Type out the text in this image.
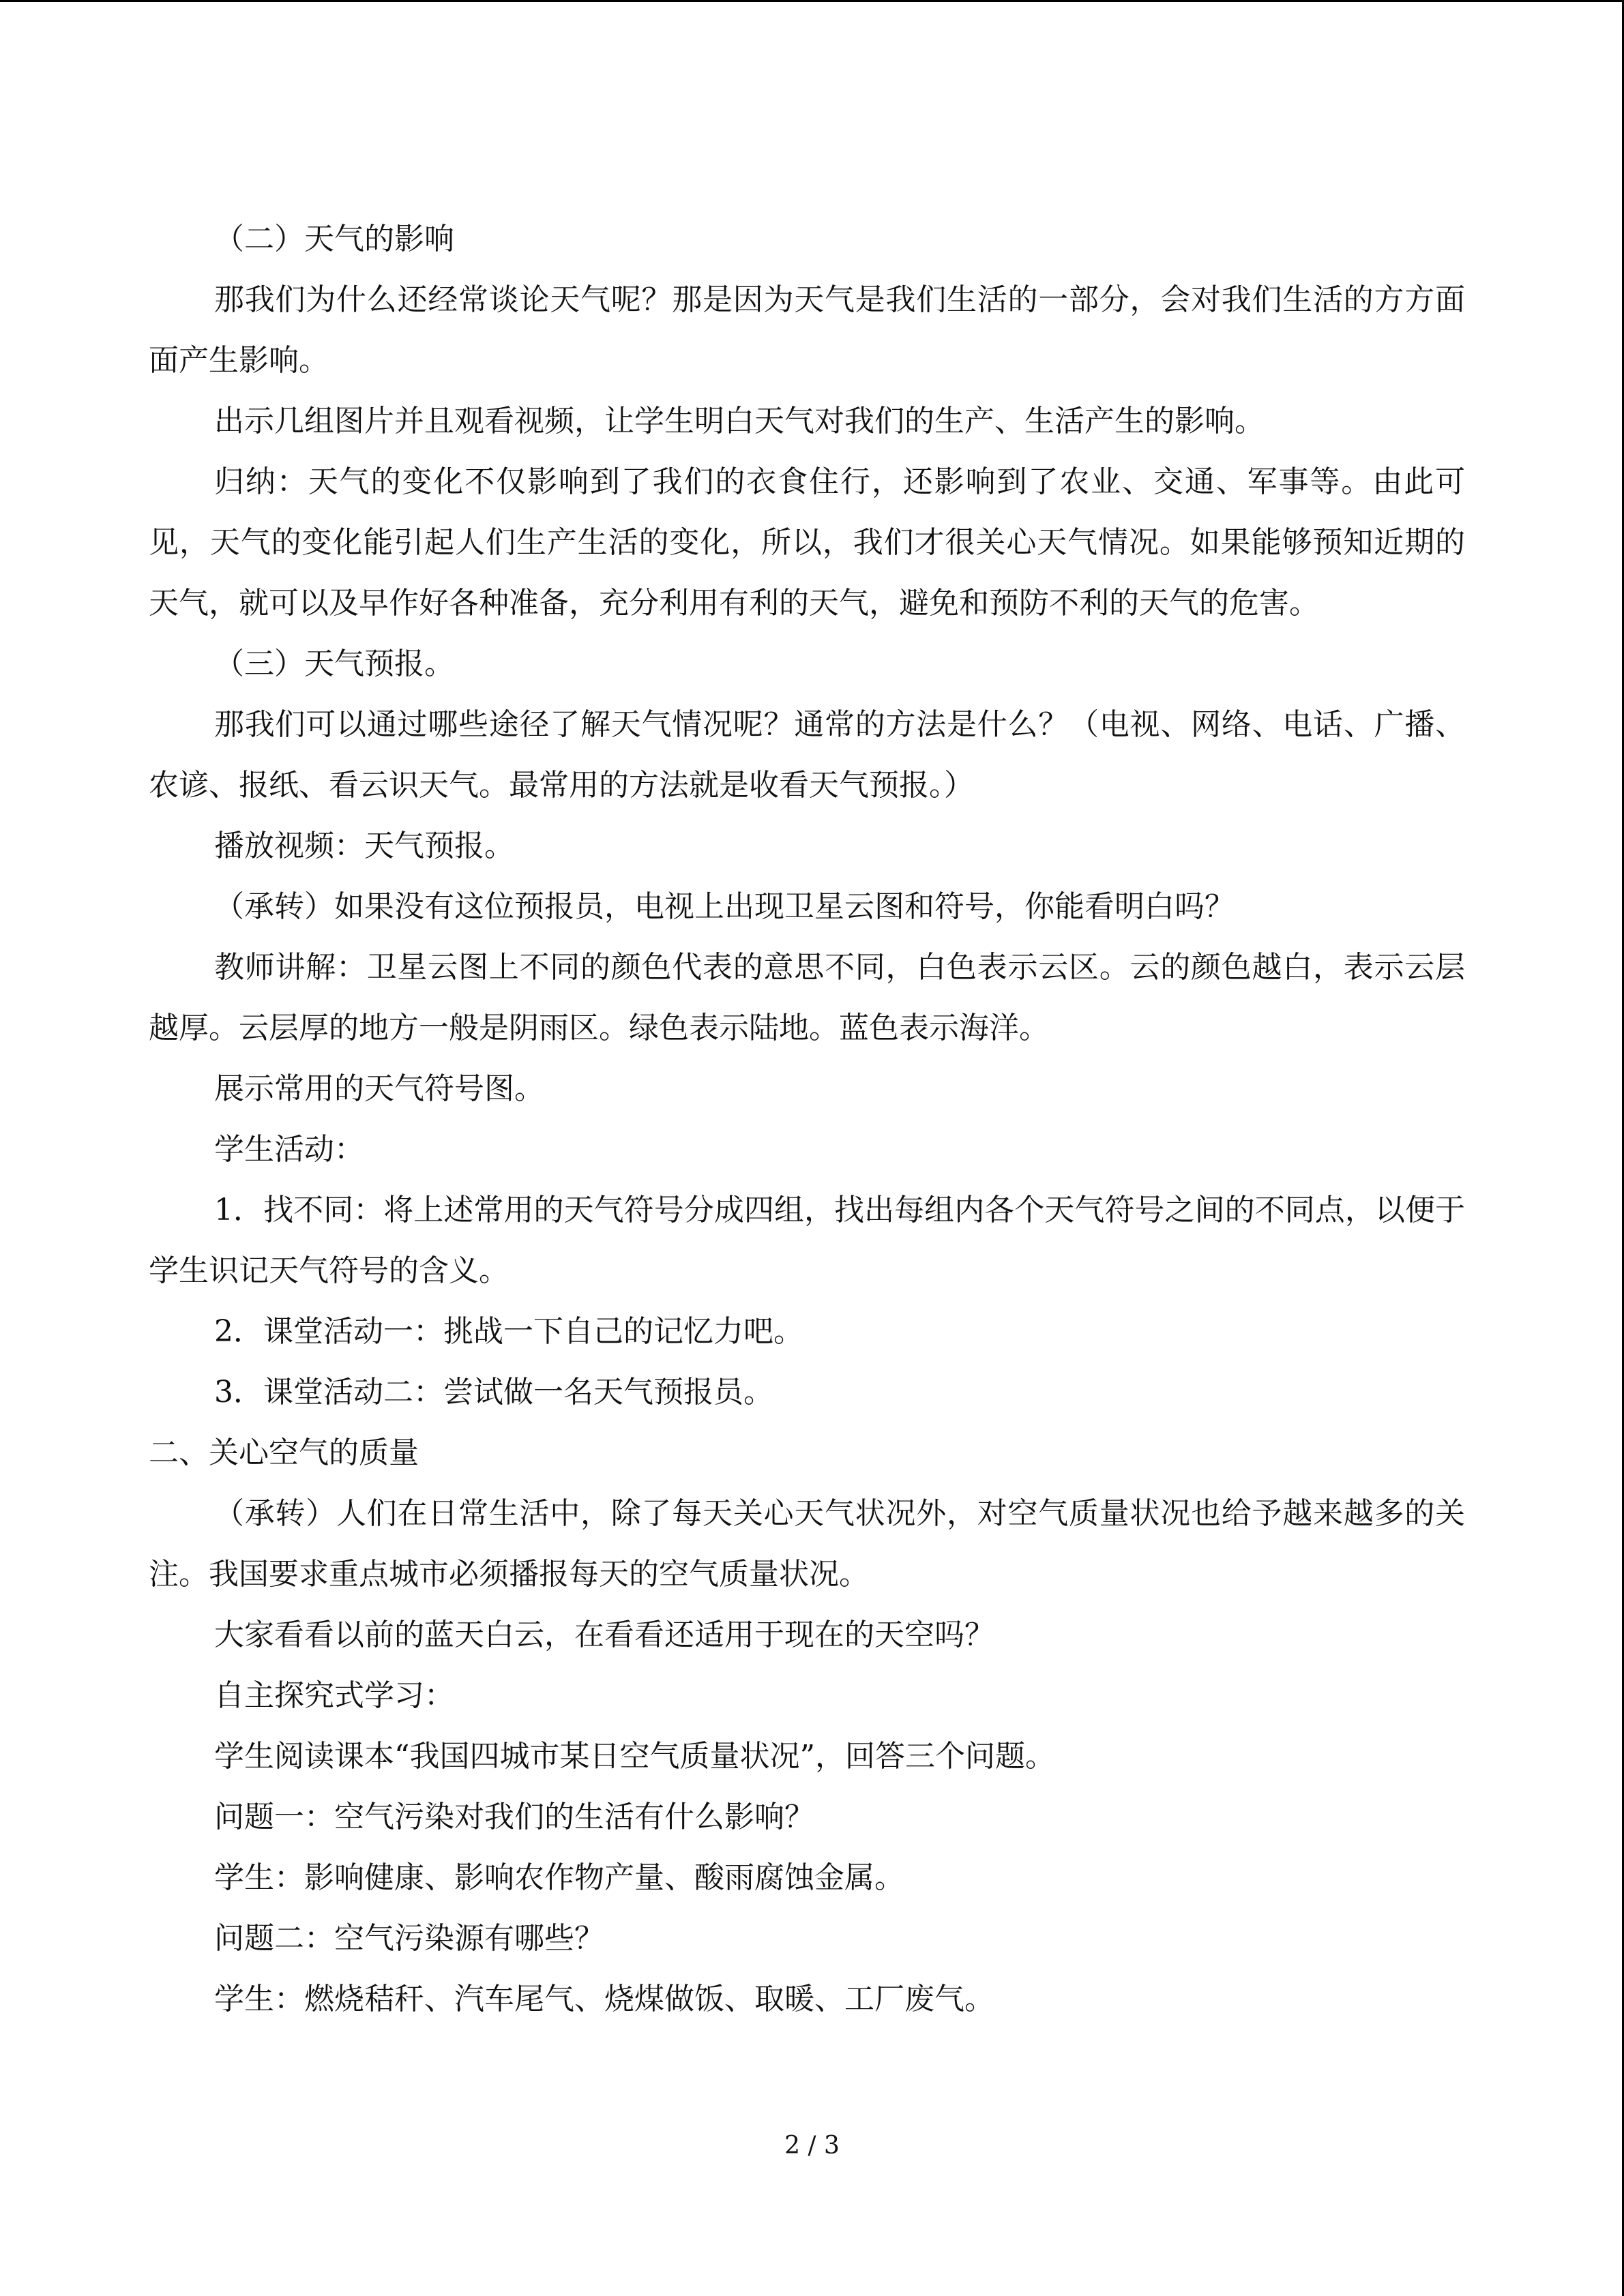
（二）天气的影响

那我们为什么还经常谈论天气呢？那是因为天气是我们生活的一部分，会对我们生活的方方面面产生影响。

出示几组图片并且观看视频，让学生明白天气对我们的生产、生活产生的影响。

归纳：天气的变化不仅影响到了我们的衣食住行，还影响到了农业、交通、军事等。由此可见，天气的变化能引起人们生产生活的变化，所以，我们才很关心天气情况。如果能够预知近期的天气，就可以及早作好各种准备，充分利用有利的天气，避免和预防不利的天气的危害。

（三）天气预报。

那我们可以通过哪些途径了解天气情况呢？通常的方法是什么？（电视、网络、电话、广播、农谚、报纸、看云识天气。最常用的方法就是收看天气预报。）

播放视频：天气预报。

（承转）如果没有这位预报员，电视上出现卫星云图和符号，你能看明白吗？

教师讲解：卫星云图上不同的颜色代表的意思不同，白色表示云区。云的颜色越白，表示云层越厚。云层厚的地方一般是阴雨区。绿色表示陆地。蓝色表示海洋。

展示常用的天气符号图。

学生活动：

1．找不同：将上述常用的天气符号分成四组，找出每组内各个天气符号之间的不同点，以便于学生识记天气符号的含义。

2．课堂活动一：挑战一下自己的记忆力吧。

3．课堂活动二：尝试做一名天气预报员。

二、关心空气的质量

（承转）人们在日常生活中，除了每天关心天气状况外，对空气质量状况也给予越来越多的关注。我国要求重点城市必须播报每天的空气质量状况。

大家看看以前的蓝天白云，在看看还适用于现在的天空吗？

自主探究式学习：

学生阅读课本“我国四城市某日空气质量状况”，回答三个问题。

问题一：空气污染对我们的生活有什么影响？

学生：影响健康、影响农作物产量、酸雨腐蚀金属。

问题二：空气污染源有哪些？

学生：燃烧秸秆、汽车尾气、烧煤做饭、取暖、工厂废气。

2 / 3
